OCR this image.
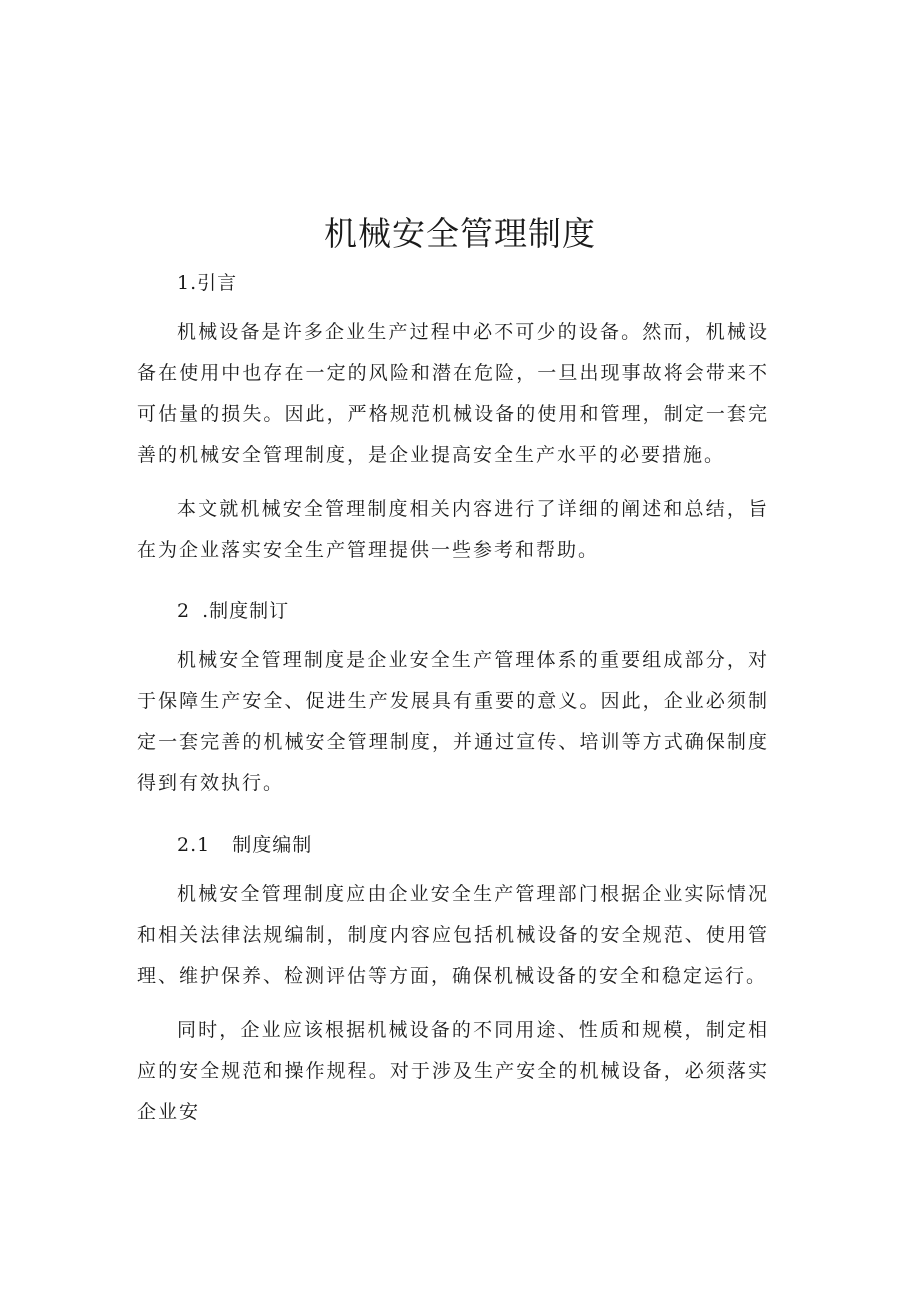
机械安全管理制度
1.引言

机械设备是许多企业生产过程中必不可少的设备。然而，机械设备在使用中也存在一定的风险和潜在危险，一旦出现事故将会带来不可估量的损失。因此，严格规范机械设备的使用和管理，制定一套完善的机械安全管理制度，是企业提高安全生产水平的必要措施。

本文就机械安全管理制度相关内容进行了详细的阐述和总结，旨在为企业落实安全生产管理提供一些参考和帮助。

2 .制度制订

机械安全管理制度是企业安全生产管理体系的重要组成部分，对于保障生产安全、促进生产发展具有重要的意义。因此，企业必须制定一套完善的机械安全管理制度，并通过宣传、培训等方式确保制度得到有效执行。

2.1 制度编制

机械安全管理制度应由企业安全生产管理部门根据企业实际情况和相关法律法规编制，制度内容应包括机械设备的安全规范、使用管理、维护保养、检测评估等方面，确保机械设备的安全和稳定运行。

同时，企业应该根据机械设备的不同用途、性质和规模，制定相应的安全规范和操作规程。对于涉及生产安全的机械设备，必须落实企业安
